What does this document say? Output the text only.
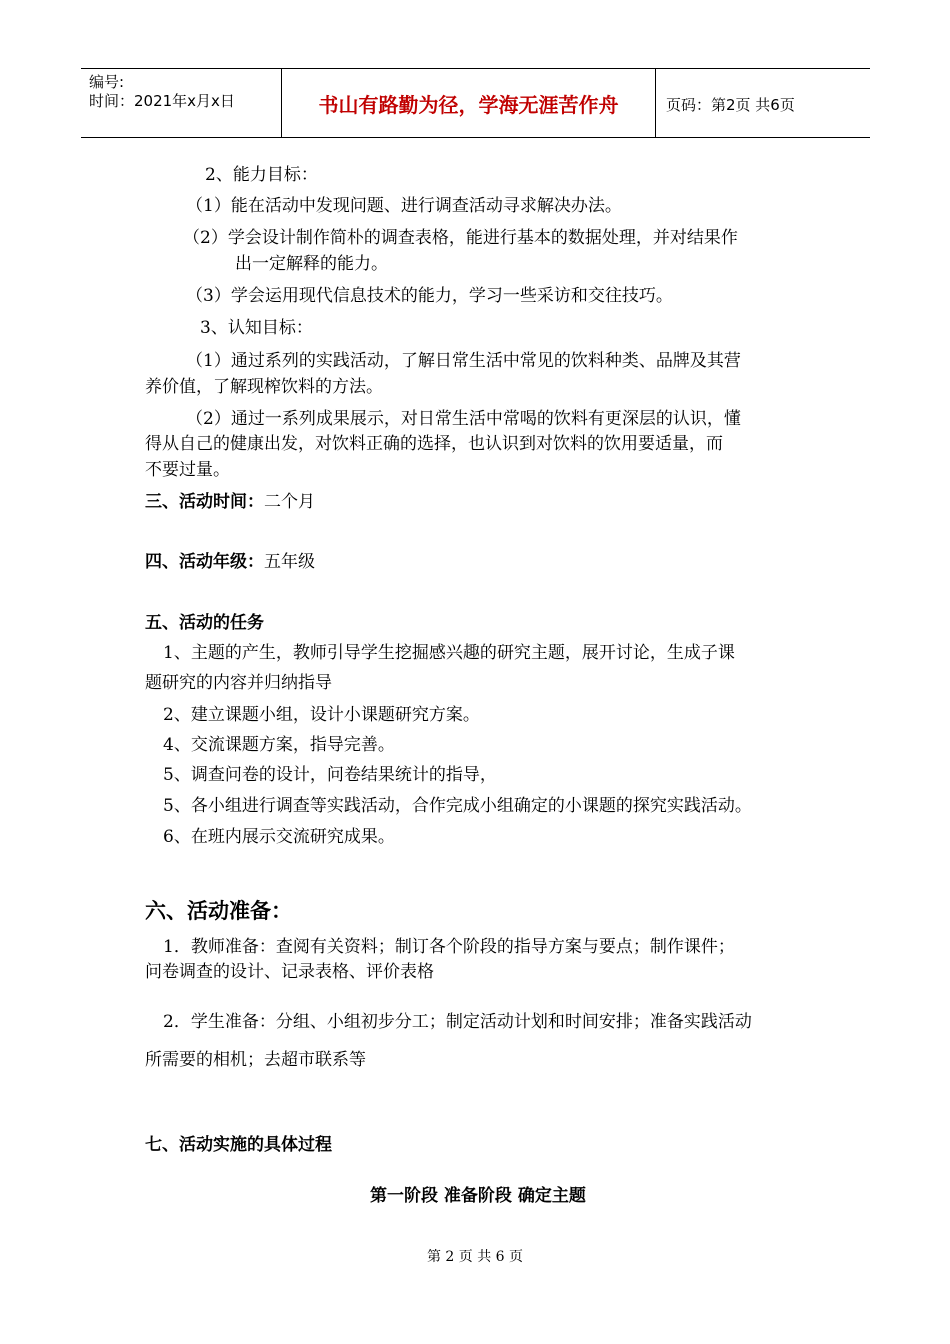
编号:
时间：2021年x月x日	书山有路勤为径，学海无涯苦作舟	页码：第2页 共6页
2、能力目标：
（1）能在活动中发现问题、进行调查活动寻求解决办法。
（2）学会设计制作简朴的调查表格，能进行基本的数据处理，并对结果作
出一定解释的能力。
（3）学会运用现代信息技术的能力，学习一些采访和交往技巧。
3、认知目标：
（1）通过系列的实践活动，了解日常生活中常见的饮料种类、品牌及其营
养价值，了解现榨饮料的方法。
（2）通过一系列成果展示，对日常生活中常喝的饮料有更深层的认识，懂
得从自己的健康出发，对饮料正确的选择，也认识到对饮料的饮用要适量，而
不要过量。
三、活动时间：二个月
四、活动年级：五年级
五、活动的任务
1、主题的产生，教师引导学生挖掘感兴趣的研究主题，展开讨论，生成子课
题研究的内容并归纳指导
2、建立课题小组，设计小课题研究方案。
4、交流课题方案，指导完善。
5、调查问卷的设计，问卷结果统计的指导，
5、各小组进行调查等实践活动，合作完成小组确定的小课题的探究实践活动。
6、在班内展示交流研究成果。
六、活动准备：
1．教师准备：查阅有关资料；制订各个阶段的指导方案与要点；制作课件；
问卷调查的设计、记录表格、评价表格
2．学生准备：分组、小组初步分工；制定活动计划和时间安排；准备实践活动
所需要的相机；去超市联系等
七、活动实施的具体过程
第一阶段 准备阶段 确定主题
第 2 页 共 6 页
